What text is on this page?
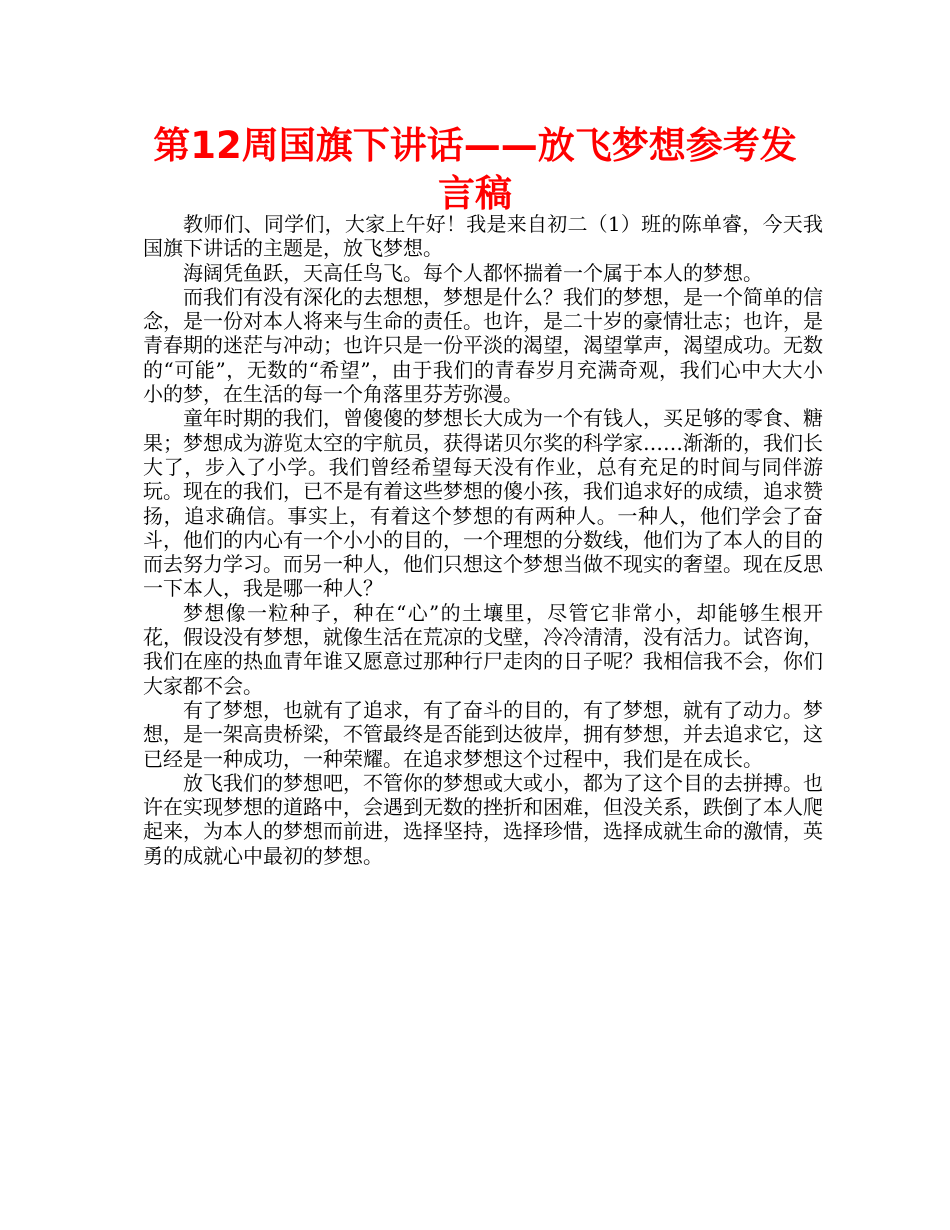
第12周国旗下讲话——放飞梦想参考发言稿

教师们、同学们，大家上午好！我是来自初二（1）班的陈单睿，今天我国旗下讲话的主题是，放飞梦想。

海阔凭鱼跃，天高任鸟飞。每个人都怀揣着一个属于本人的梦想。

而我们有没有深化的去想想，梦想是什么？我们的梦想，是一个简单的信念，是一份对本人将来与生命的责任。也许，是二十岁的豪情壮志；也许，是青春期的迷茫与冲动；也许只是一份平淡的渴望，渴望掌声，渴望成功。无数的“可能”，无数的“希望”，由于我们的青春岁月充满奇观，我们心中大大小小的梦，在生活的每一个角落里芬芳弥漫。

童年时期的我们，曾傻傻的梦想长大成为一个有钱人，买足够的零食、糖果；梦想成为游览太空的宇航员，获得诺贝尔奖的科学家……渐渐的，我们长大了，步入了小学。我们曾经希望每天没有作业，总有充足的时间与同伴游玩。现在的我们，已不是有着这些梦想的傻小孩，我们追求好的成绩，追求赞扬，追求确信。事实上，有着这个梦想的有两种人。一种人，他们学会了奋斗，他们的内心有一个小小的目的，一个理想的分数线，他们为了本人的目的而去努力学习。而另一种人，他们只想这个梦想当做不现实的奢望。现在反思一下本人，我是哪一种人？

梦想像一粒种子，种在“心”的土壤里，尽管它非常小，却能够生根开花，假设没有梦想，就像生活在荒凉的戈壁，冷冷清清，没有活力。试咨询，我们在座的热血青年谁又愿意过那种行尸走肉的日子呢？我相信我不会，你们大家都不会。

有了梦想，也就有了追求，有了奋斗的目的，有了梦想，就有了动力。梦想，是一架高贵桥梁，不管最终是否能到达彼岸，拥有梦想，并去追求它，这已经是一种成功，一种荣耀。在追求梦想这个过程中，我们是在成长。

放飞我们的梦想吧，不管你的梦想或大或小，都为了这个目的去拼搏。也许在实现梦想的道路中，会遇到无数的挫折和困难，但没关系，跌倒了本人爬起来，为本人的梦想而前进，选择坚持，选择珍惜，选择成就生命的激情，英勇的成就心中最初的梦想。
